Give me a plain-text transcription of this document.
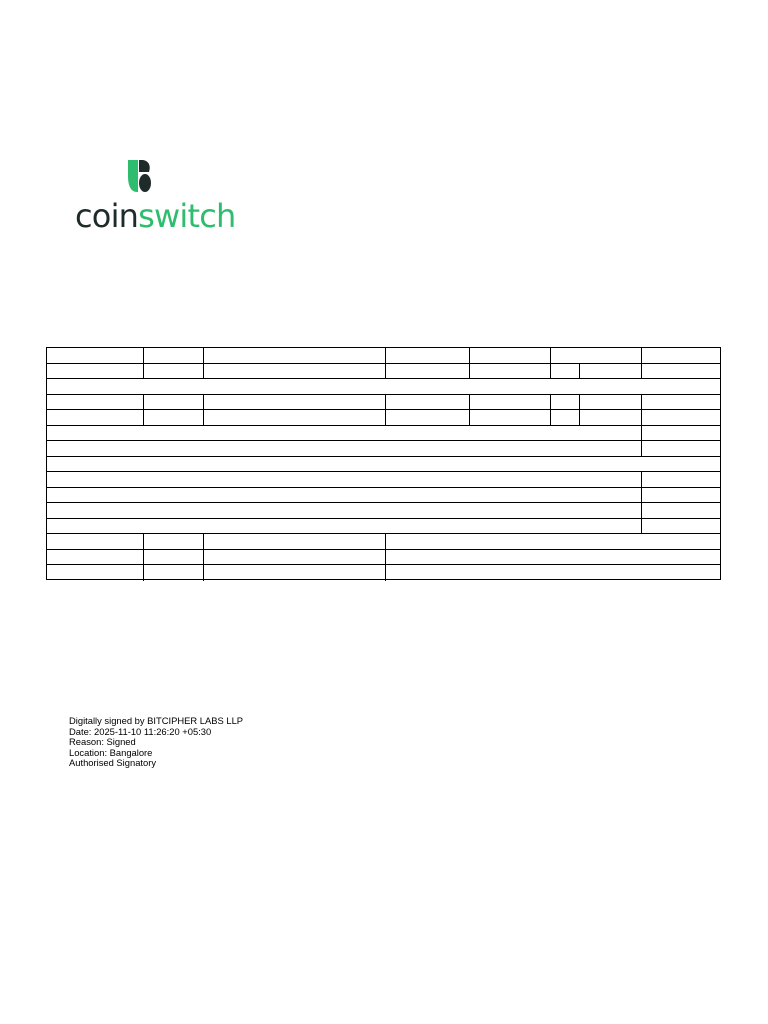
coinswitch
Digitally signed by BITCIPHER LABS LLP
Date: 2025-11-10 11:26:20 +05:30
Reason: Signed
Location: Bangalore
Authorised Signatory
